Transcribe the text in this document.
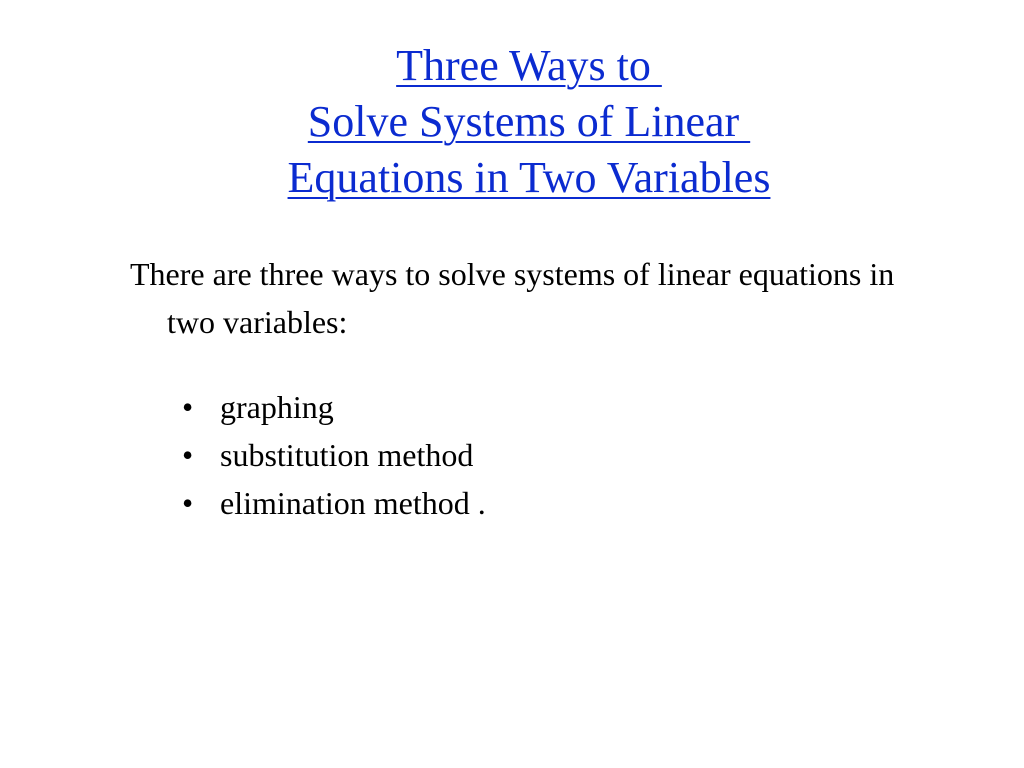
Three Ways to
Solve Systems of Linear
Equations in Two Variables

There are three ways to solve systems of linear equations in two variables:

• graphing
• substitution method
• elimination method .
